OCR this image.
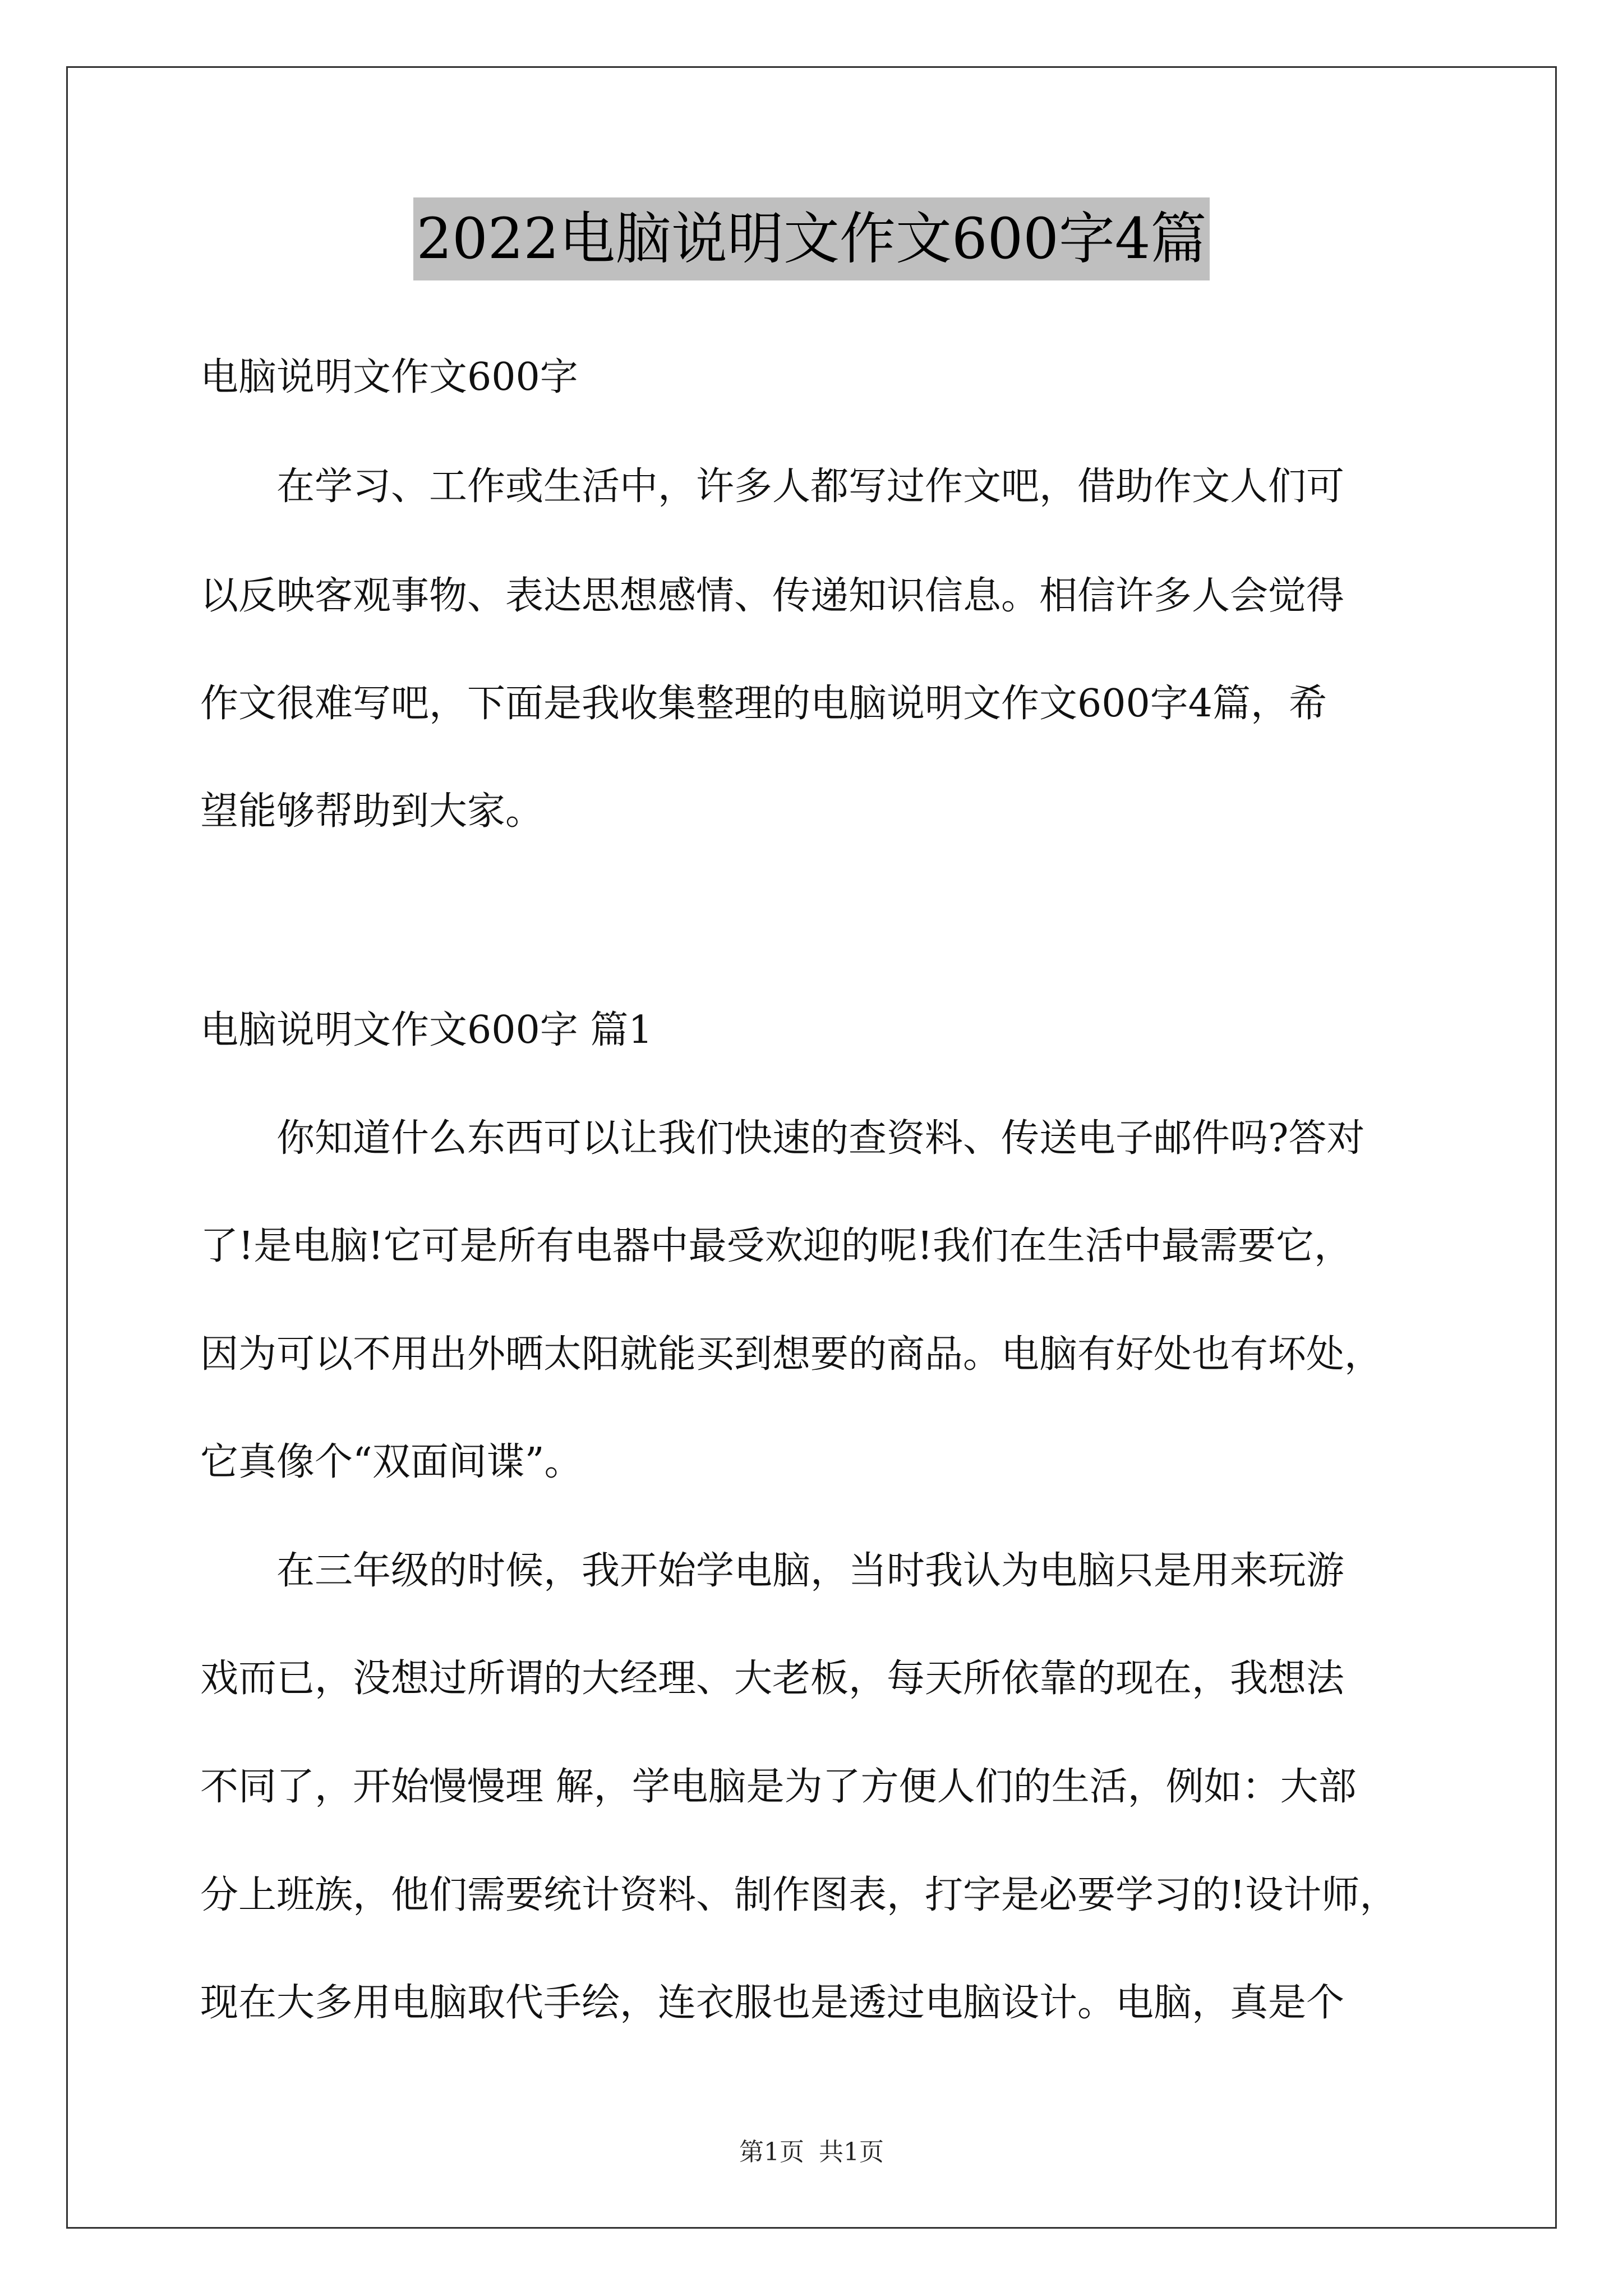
2022电脑说明文作文600字4篇
电脑说明文作文600字
　　在学习、工作或生活中，许多人都写过作文吧，借助作文人们可
以反映客观事物、表达思想感情、传递知识信息。相信许多人会觉得
作文很难写吧，下面是我收集整理的电脑说明文作文600字4篇，希
望能够帮助到大家。
电脑说明文作文600字 篇1
　　你知道什么东西可以让我们快速的查资料、传送电子邮件吗?答对
了!是电脑!它可是所有电器中最受欢迎的呢!我们在生活中最需要它，
因为可以不用出外晒太阳就能买到想要的商品。电脑有好处也有坏处，
它真像个“双面间谍”。
　　在三年级的时候，我开始学电脑，当时我认为电脑只是用来玩游
戏而已，没想过所谓的大经理、大老板，每天所依靠的现在，我想法
不同了，开始慢慢理 解，学电脑是为了方便人们的生活，例如：大部
分上班族，他们需要统计资料、制作图表，打字是必要学习的!设计师，
现在大多用电脑取代手绘，连衣服也是透过电脑设计。电脑，真是个
第1页 共1页
